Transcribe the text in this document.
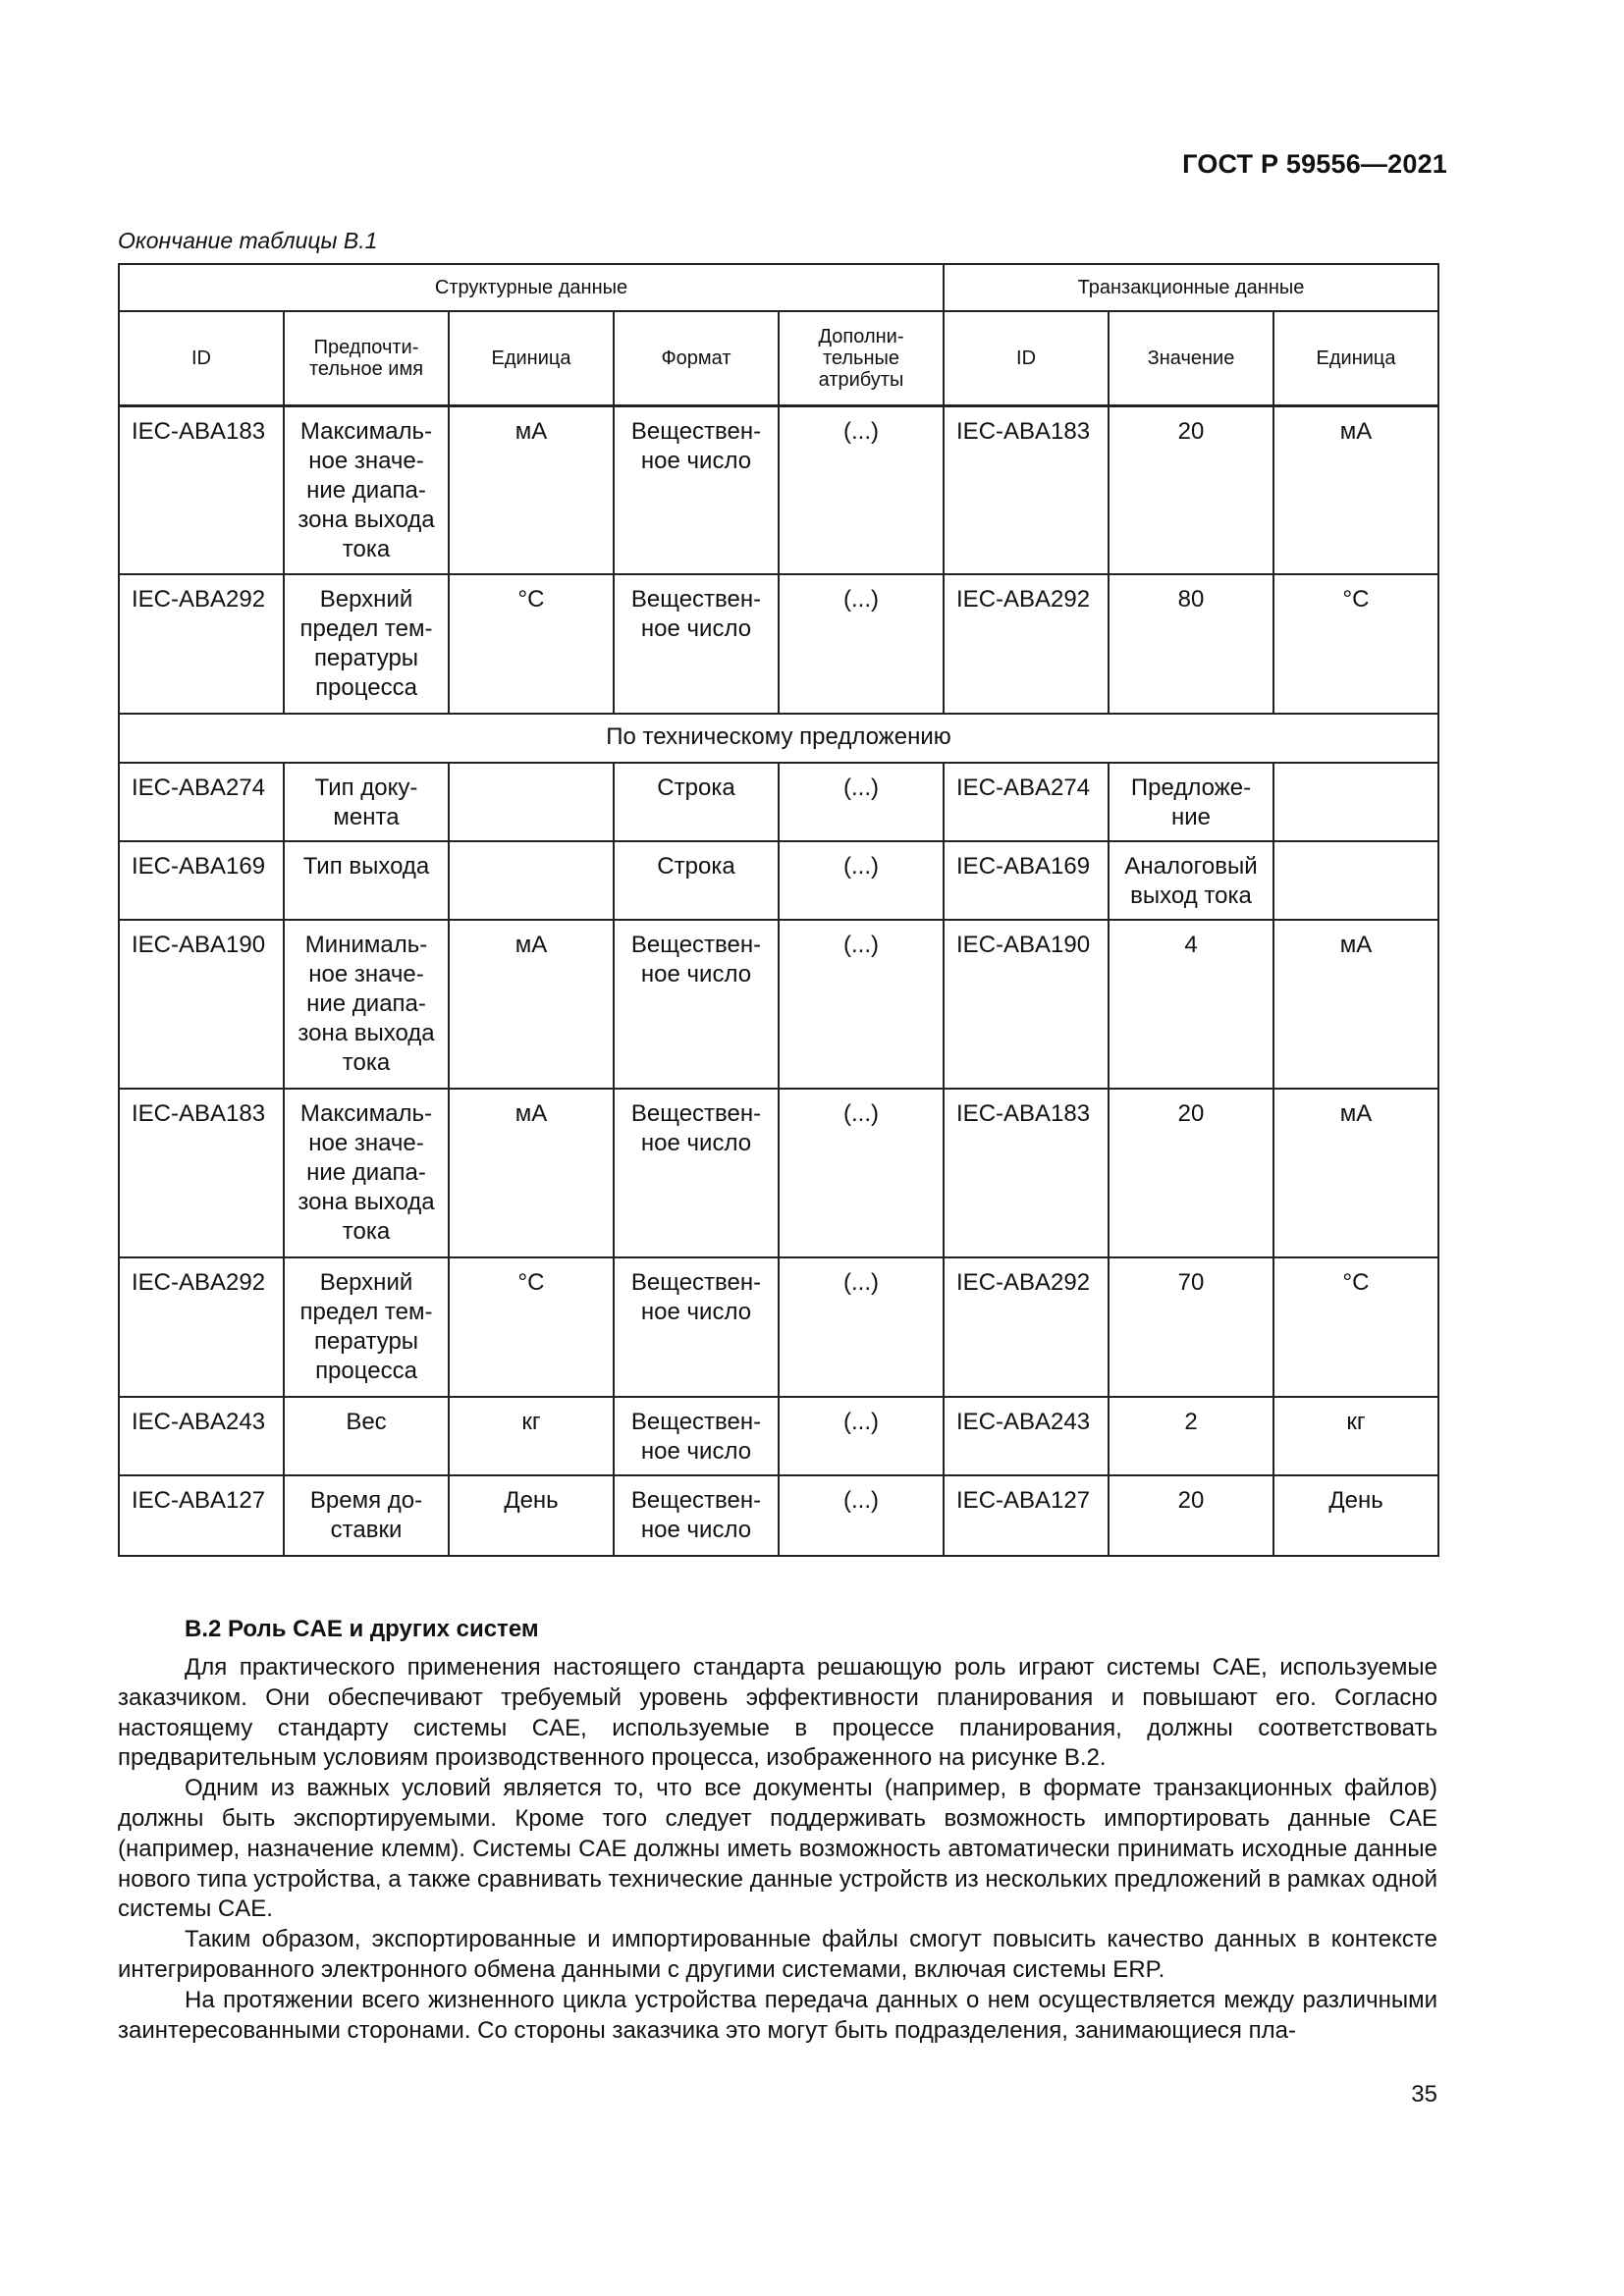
ГОСТ Р 59556—2021
Окончание таблицы В.1
Структурные данные					Транзакционные данные		
ID	Предпочти-
тельное имя	Единица	Формат	Дополни-
тельные
атрибуты	ID	Значение	Единица
IEC-ABA183	Максималь-
ное значе-
ние диапа-
зона выхода
тока	мА	Веществен-
ное число	(...)	IEC-ABA183	20	мА
IEC-ABA292	Верхний
предел тем-
пературы
процесса	°C	Веществен-
ное число	(...)	IEC-ABA292	80	°C
По техническому предложению							
IEC-ABA274	Тип доку-
мента		Строка	(...)	IEC-ABA274	Предложе-
ние	
IEC-ABA169	Тип выхода		Строка	(...)	IEC-ABA169	Аналоговый
выход тока	
IEC-ABA190	Минималь-
ное значе-
ние диапа-
зона выхода
тока	мА	Веществен-
ное число	(...)	IEC-ABA190	4	мА
IEC-ABA183	Максималь-
ное значе-
ние диапа-
зона выхода
тока	мА	Веществен-
ное число	(...)	IEC-ABA183	20	мА
IEC-ABA292	Верхний
предел тем-
пературы
процесса	°C	Веществен-
ное число	(...)	IEC-ABA292	70	°C
IEC-ABA243	Вес	кг	Веществен-
ное число	(...)	IEC-ABA243	2	кг
IEC-ABA127	Время до-
ставки	День	Веществен-
ное число	(...)	IEC-ABA127	20	День
B.2 Роль CAE и других систем

Для практического применения настоящего стандарта решающую роль играют системы CAE, используемые заказчиком. Они обеспечивают требуемый уровень эффективности планирования и повышают его. Согласно настоящему стандарту системы CAE, используемые в процессе планирования, должны соответствовать предварительным условиям производственного процесса, изображенного на рисунке B.2.

Одним из важных условий является то, что все документы (например, в формате транзакционных файлов) должны быть экспортируемыми. Кроме того следует поддерживать возможность импортировать данные CAE (например, назначение клемм). Системы CAE должны иметь возможность автоматически принимать исходные данные нового типа устройства, а также сравнивать технические данные устройств из нескольких предложений в рамках одной системы CAE.

Таким образом, экспортированные и импортированные файлы смогут повысить качество данных в контексте интегрированного электронного обмена данными с другими системами, включая системы ERP.

На протяжении всего жизненного цикла устройства передача данных о нем осуществляется между различными заинтересованными сторонами. Со стороны заказчика это могут быть подразделения, занимающиеся пла-

35
